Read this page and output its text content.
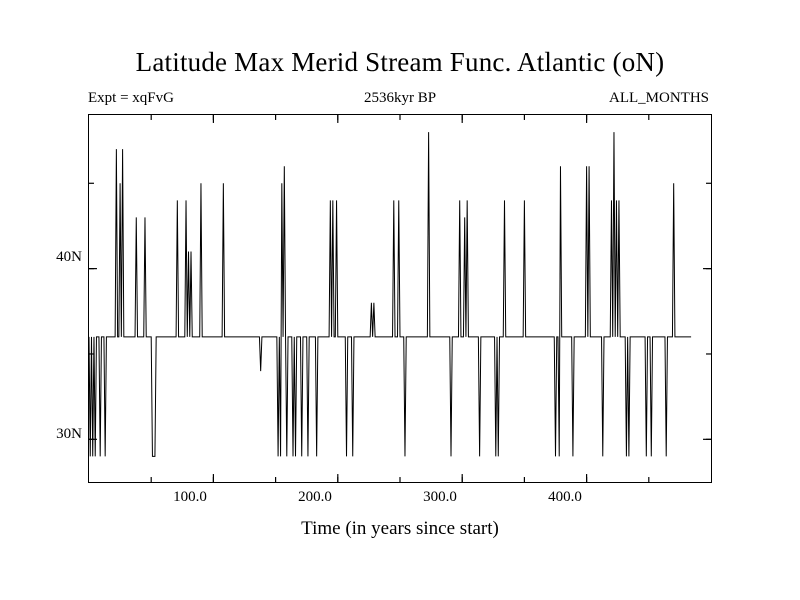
Latitude Max Merid Stream Func. Atlantic (oN)
Expt = xqFvG	2536kyr BP	ALL_MONTHS
40N
30N
100.0	200.0	300.0	400.0
Time (in years since start)
